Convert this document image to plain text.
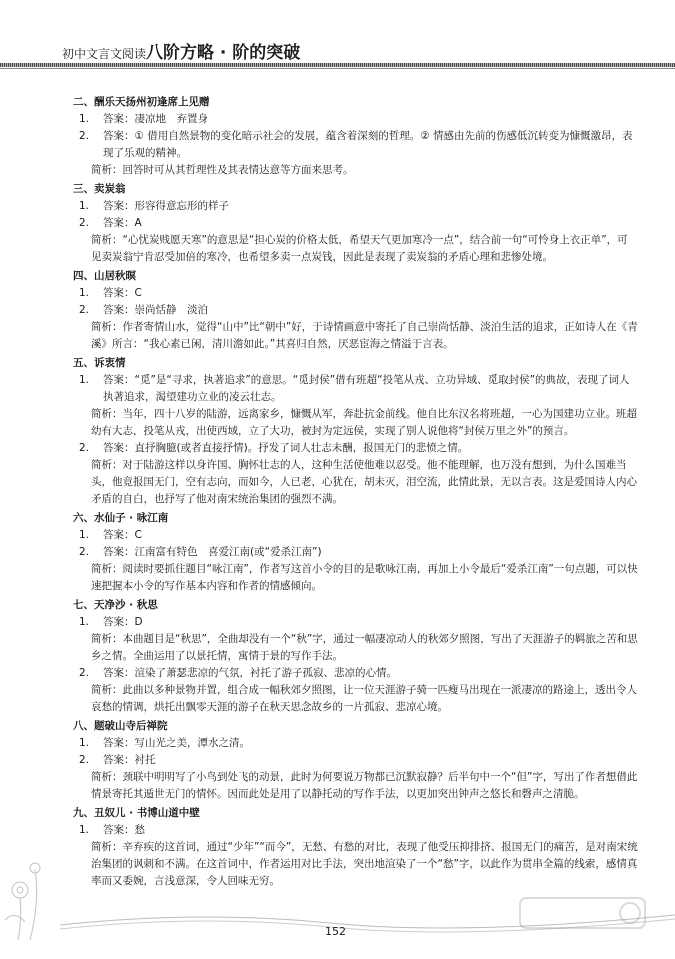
初中文言文阅读八阶方略 · 阶的突破
二、酬乐天扬州初逢席上见赠
1. 答案：凄凉地　弃置身
2. 答案：① 借用自然景物的变化暗示社会的发展，蕴含着深刻的哲理。② 情感由先前的伤感低沉转变为慷慨激昂，表现了乐观的精神。
简析：回答时可从其哲理性及其表情达意等方面来思考。
三、卖炭翁
1. 答案：形容得意忘形的样子
2. 答案：A
简析：“心忧炭贱愿天寒”的意思是“担心炭的价格太低，希望天气更加寒冷一点”，结合前一句“可怜身上衣正单”，可见卖炭翁宁肯忍受加倍的寒冷，也希望多卖一点炭钱，因此是表现了卖炭翁的矛盾心理和悲惨处境。
四、山居秋暝
1. 答案：C
2. 答案：崇尚恬静　淡泊
简析：作者寄情山水，觉得“山中”比“朝中”好，于诗情画意中寄托了自己崇尚恬静、淡泊生活的追求，正如诗人在《青溪》所言：“我心素已闲，清川澹如此。”其喜归自然，厌恶宦海之情溢于言表。
五、诉衷情
1. 答案：“觅”是“寻求，执著追求”的意思。“觅封侯”借有班超“投笔从戎、立功异域、觅取封侯”的典故，表现了词人执著追求，渴望建功立业的凌云壮志。
简析：当年，四十八岁的陆游，远离家乡，慷慨从军，奔赴抗金前线。他自比东汉名将班超，一心为国建功立业。班超幼有大志，投笔从戎，出使西域，立了大功，被封为定远侯，实现了别人说他将“封侯万里之外”的预言。
2. 答案：直抒胸臆(或者直接抒情)。抒发了词人壮志未酬，报国无门的悲愤之情。
简析：对于陆游这样以身许国、胸怀壮志的人，这种生活使他难以忍受。他不能理解，也万没有想到，为什么国难当头，他竟报国无门，空有志向，而如今，人已老，心犹在，胡未灭，泪空流，此情此景，无以言表。这是爱国诗人内心矛盾的自白，也抒写了他对南宋统治集团的强烈不满。
六、水仙子 · 咏江南
1. 答案：C
2. 答案：江南富有特色　喜爱江南(或“爱杀江南”)
简析：阅读时要抓住题目“咏江南”，作者写这首小令的目的是歌咏江南，再加上小令最后“爱杀江南”一句点题，可以快速把握本小令的写作基本内容和作者的情感倾向。
七、天净沙 · 秋思
1. 答案：D
简析：本曲题目是“秋思”，全曲却没有一个“秋”字，通过一幅凄凉动人的秋郊夕照图，写出了天涯游子的羁旅之苦和思乡之情。全曲运用了以景托情，寓情于景的写作手法。
2. 答案：渲染了萧瑟悲凉的气氛，衬托了游子孤寂、悲凉的心情。
简析：此曲以多种景物并置，组合成一幅秋郊夕照图，让一位天涯游子骑一匹瘦马出现在一派凄凉的路途上，透出令人哀愁的情调，烘托出飘零天涯的游子在秋天思念故乡的一片孤寂、悲凉心境。
八、题破山寺后禅院
1. 答案：写山光之美，潭水之清。
2. 答案：衬托
简析：颈联中明明写了小鸟到处飞的动景，此时为何要说万物都已沉默寂静？后半句中一个“但”字，写出了作者想借此情景寄托其遁世无门的情怀。因而此处是用了以静托动的写作手法，以更加突出钟声之悠长和磬声之清脆。
九、丑奴儿 · 书博山道中壁
1. 答案：愁
简析：辛弃疾的这首词，通过“少年”“而今”，无愁、有愁的对比，表现了他受压抑排挤、报国无门的痛苦，是对南宋统治集团的讽刺和不满。在这首词中，作者运用对比手法，突出地渲染了一个“愁”字，以此作为贯串全篇的线索，感情真率而又委婉，言浅意深，令人回味无穷。
152
